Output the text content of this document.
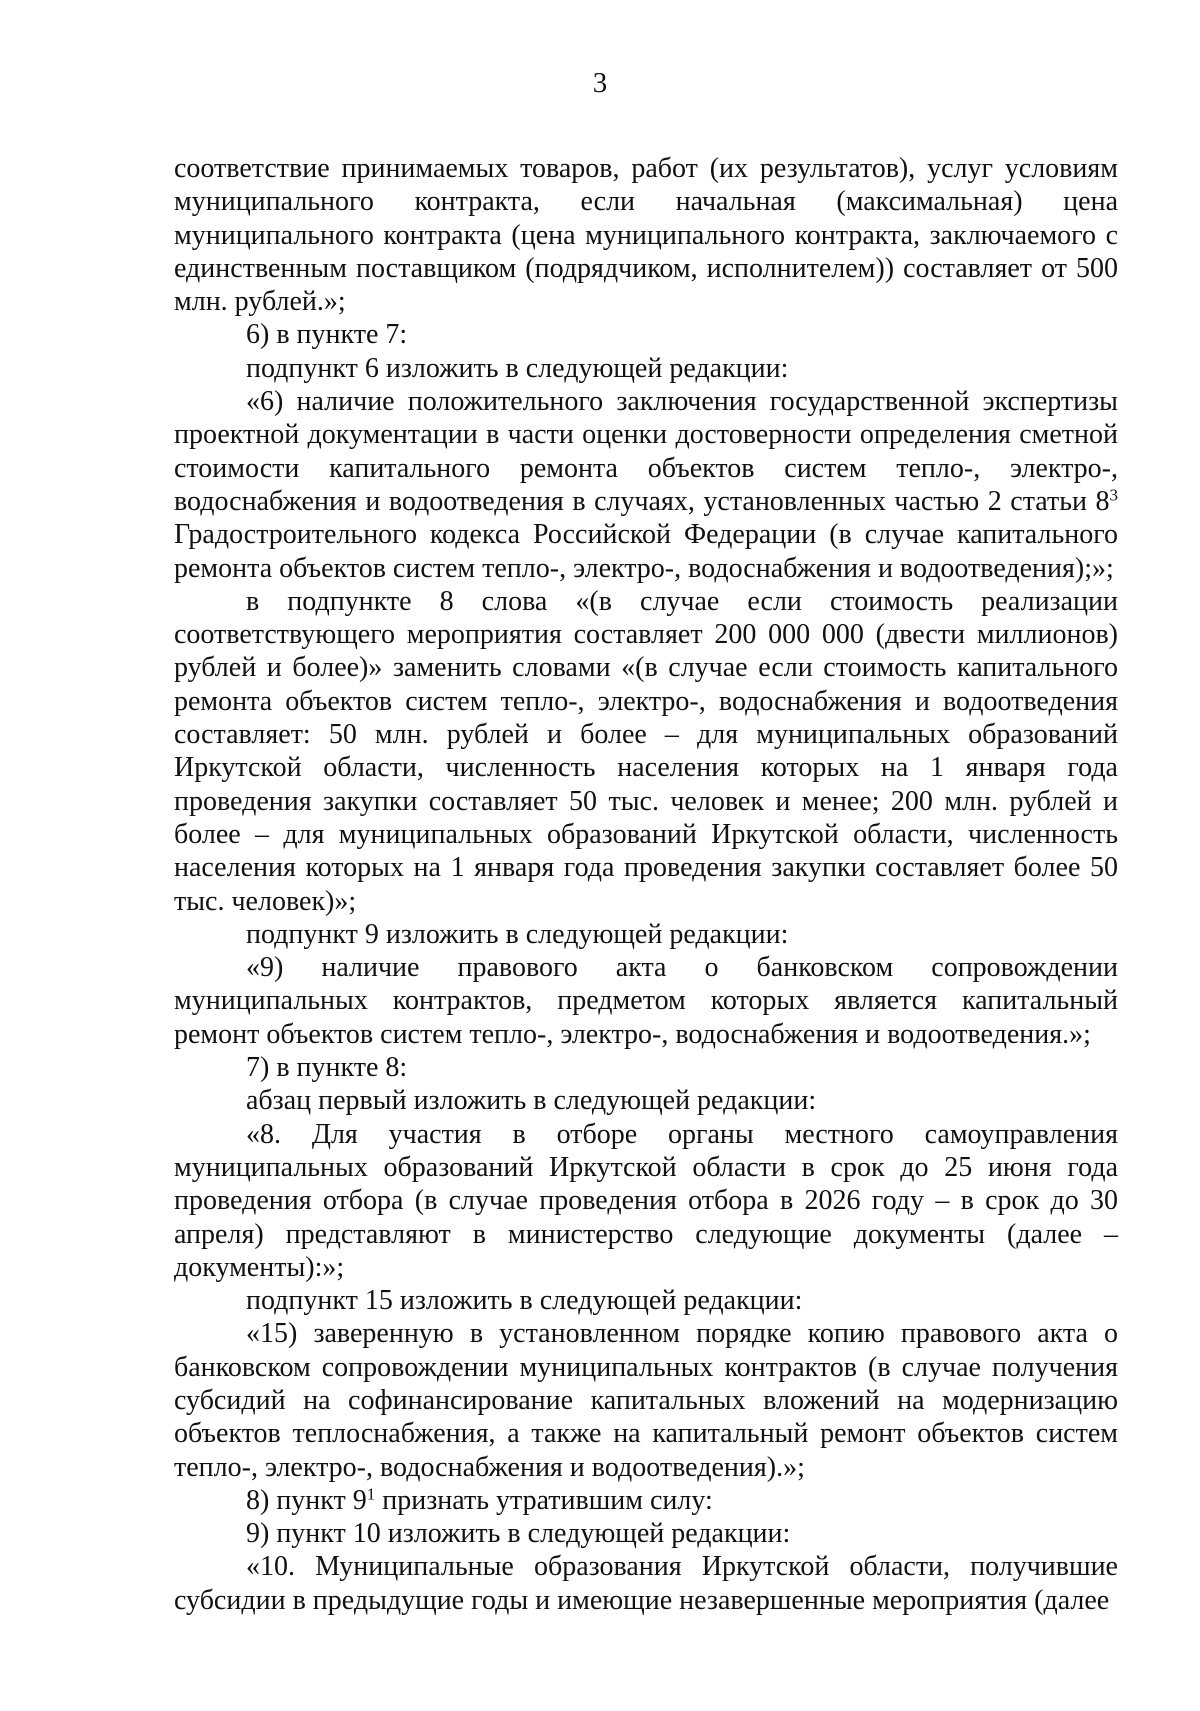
3

соответствие принимаемых товаров, работ (их результатов), услуг условиям муниципального контракта, если начальная (максимальная) цена муниципального контракта (цена муниципального контракта, заключаемого с единственным поставщиком (подрядчиком, исполнителем)) составляет от 500 млн. рублей.»;

6) в пункте 7:

подпункт 6 изложить в следующей редакции:

«6) наличие положительного заключения государственной экспертизы проектной документации в части оценки достоверности определения сметной стоимости капитального ремонта объектов систем тепло-, электро-, водоснабжения и водоотведения в случаях, установленных частью 2 статьи $8^3$ Градостроительного кодекса Российской Федерации (в случае капитального ремонта объектов систем тепло-, электро-, водоснабжения и водоотведения);»;

в подпункте 8 слова «(в случае если стоимость реализации соответствующего мероприятия составляет 200 000 000 (двести миллионов) рублей и более)» заменить словами «(в случае если стоимость капитального ремонта объектов систем тепло-, электро-, водоснабжения и водоотведения составляет: 50 млн. рублей и более – для муниципальных образований Иркутской области, численность населения которых на 1 января года проведения закупки составляет 50 тыс. человек и менее; 200 млн. рублей и более – для муниципальных образований Иркутской области, численность населения которых на 1 января года проведения закупки составляет более 50 тыс. человек)»;

подпункт 9 изложить в следующей редакции:

«9) наличие правового акта о банковском сопровождении муниципальных контрактов, предметом которых является капитальный ремонт объектов систем тепло-, электро-, водоснабжения и водоотведения.»;

7) в пункте 8:

абзац первый изложить в следующей редакции:

«8. Для участия в отборе органы местного самоуправления муниципальных образований Иркутской области в срок до 25 июня года проведения отбора (в случае проведения отбора в 2026 году – в срок до 30 апреля) представляют в министерство следующие документы (далее – документы):»;

подпункт 15 изложить в следующей редакции:

«15) заверенную в установленном порядке копию правового акта о банковском сопровождении муниципальных контрактов (в случае получения субсидий на софинансирование капитальных вложений на модернизацию объектов теплоснабжения, а также на капитальный ремонт объектов систем тепло-, электро-, водоснабжения и водоотведения).»;

8) пункт $9^1$ признать утратившим силу:

9) пункт 10 изложить в следующей редакции:

«10. Муниципальные образования Иркутской области, получившие субсидии в предыдущие годы и имеющие незавершенные мероприятия (далее
